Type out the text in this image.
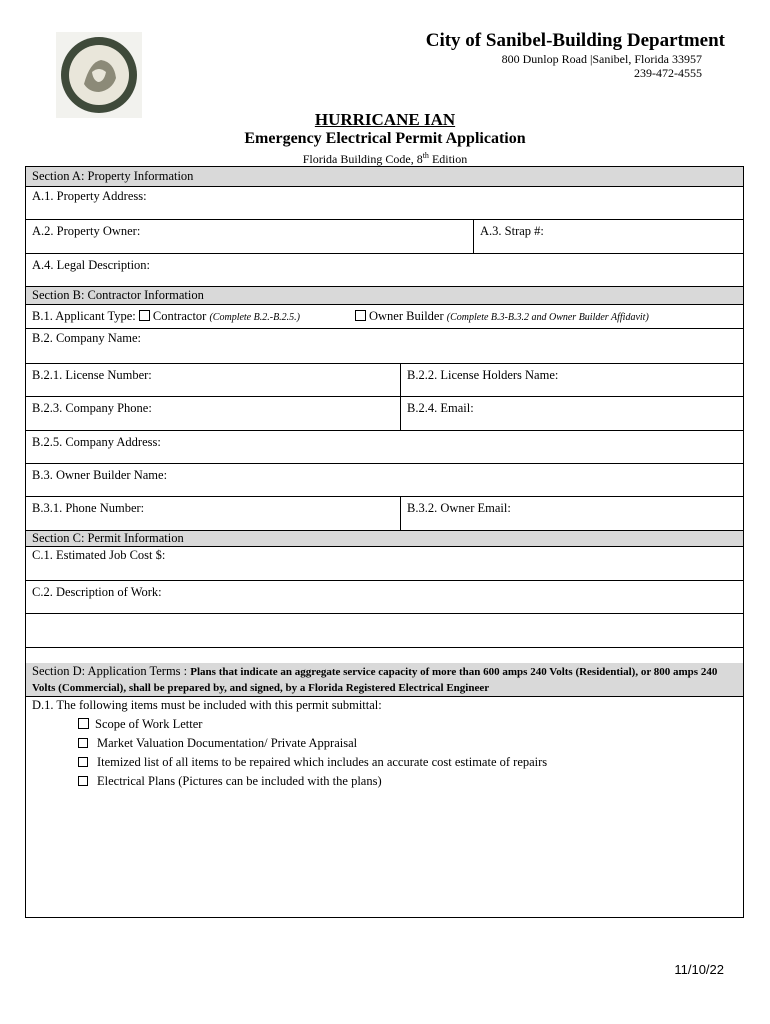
1974
City of Sanibel-Building Department
800 Dunlop Road |Sanibel, Florida 33957
239-472-4555
HURRICANE IAN
Emergency Electrical Permit Application
Florida Building Code, 8th Edition
Section A: Property Information
A.1. Property Address:
A.2. Property Owner:	A.3. Strap #:
A.4. Legal Description:
Section B: Contractor Information
B.1. Applicant Type: Contractor (Complete B.2.-B.2.5.)	Owner Builder (Complete B.3-B.3.2 and Owner Builder Affidavit)
B.2. Company Name:
B.2.1. License Number:	B.2.2. License Holders Name:
B.2.3. Company Phone:	B.2.4. Email:
B.2.5. Company Address:
B.3. Owner Builder Name:
B.3.1. Phone Number:	B.3.2. Owner Email:
Section C: Permit Information
C.1. Estimated Job Cost $:
C.2. Description of Work:
Section D: Application Terms : Plans that indicate an aggregate service capacity of more than 600 amps 240 Volts (Residential), or 800 amps 240 Volts (Commercial), shall be prepared by, and signed, by a Florida Registered Electrical Engineer
D.1. The following items must be included with this permit submittal:
Scope of Work Letter
Market Valuation Documentation/ Private Appraisal
Itemized list of all items to be repaired which includes an accurate cost estimate of repairs
Electrical Plans (Pictures can be included with the plans)
11/10/22
